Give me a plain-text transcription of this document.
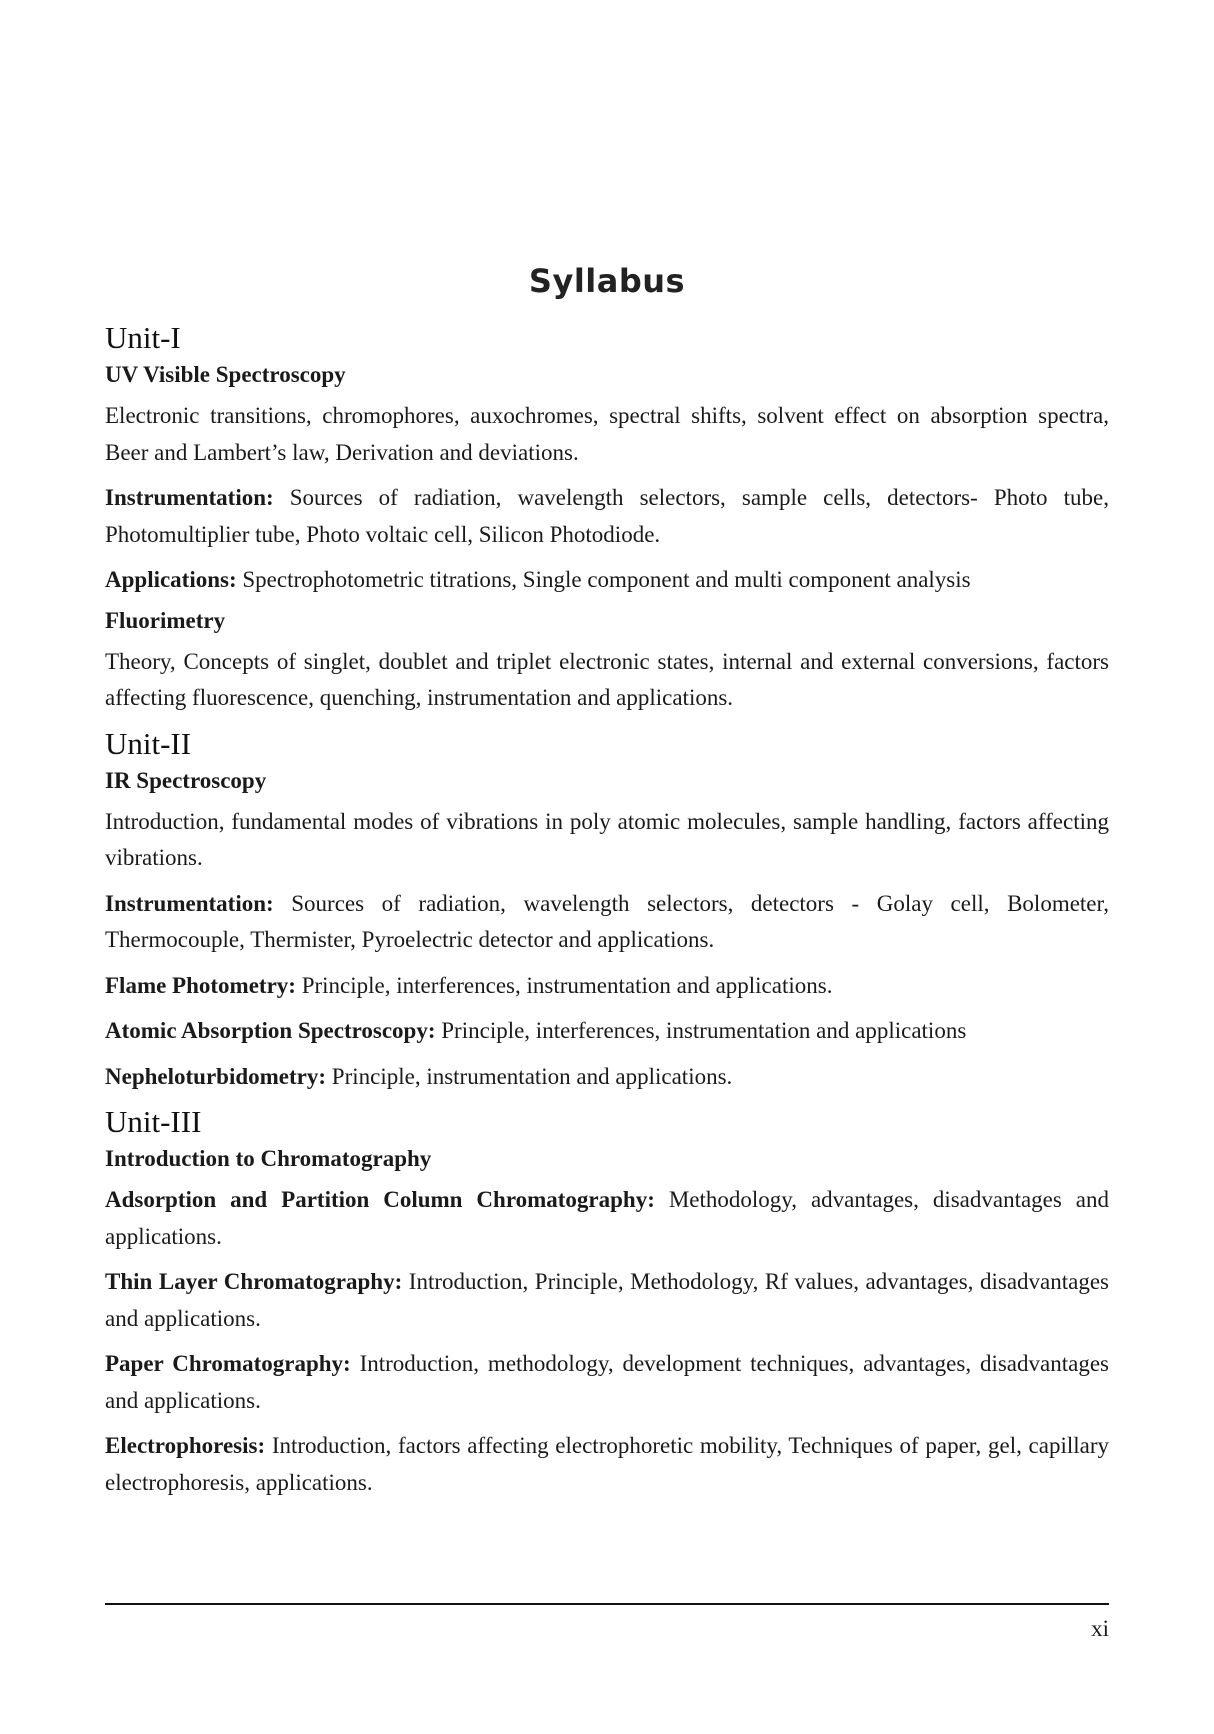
Syllabus
Unit-I
UV Visible Spectroscopy

Electronic transitions, chromophores, auxochromes, spectral shifts, solvent effect on absorption spectra, Beer and Lambert’s law, Derivation and deviations.

Instrumentation: Sources of radiation, wavelength selectors, sample cells, detectors- Photo tube, Photomultiplier tube, Photo voltaic cell, Silicon Photodiode.

Applications: Spectrophotometric titrations, Single component and multi component analysis

Fluorimetry

Theory, Concepts of singlet, doublet and triplet electronic states, internal and external conversions, factors affecting fluorescence, quenching, instrumentation and applications.

Unit-II
IR Spectroscopy

Introduction, fundamental modes of vibrations in poly atomic molecules, sample handling, factors affecting vibrations.

Instrumentation: Sources of radiation, wavelength selectors, detectors - Golay cell, Bolometer, Thermocouple, Thermister, Pyroelectric detector and applications.

Flame Photometry: Principle, interferences, instrumentation and applications.

Atomic Absorption Spectroscopy: Principle, interferences, instrumentation and applications

Nepheloturbidometry: Principle, instrumentation and applications.

Unit-III
Introduction to Chromatography

Adsorption and Partition Column Chromatography: Methodology, advantages, disadvantages and applications.

Thin Layer Chromatography: Introduction, Principle, Methodology, Rf values, advantages, disadvantages and applications.

Paper Chromatography: Introduction, methodology, development techniques, advantages, disadvantages and applications.

Electrophoresis: Introduction, factors affecting electrophoretic mobility, Techniques of paper, gel, capillary electrophoresis, applications.

xi
